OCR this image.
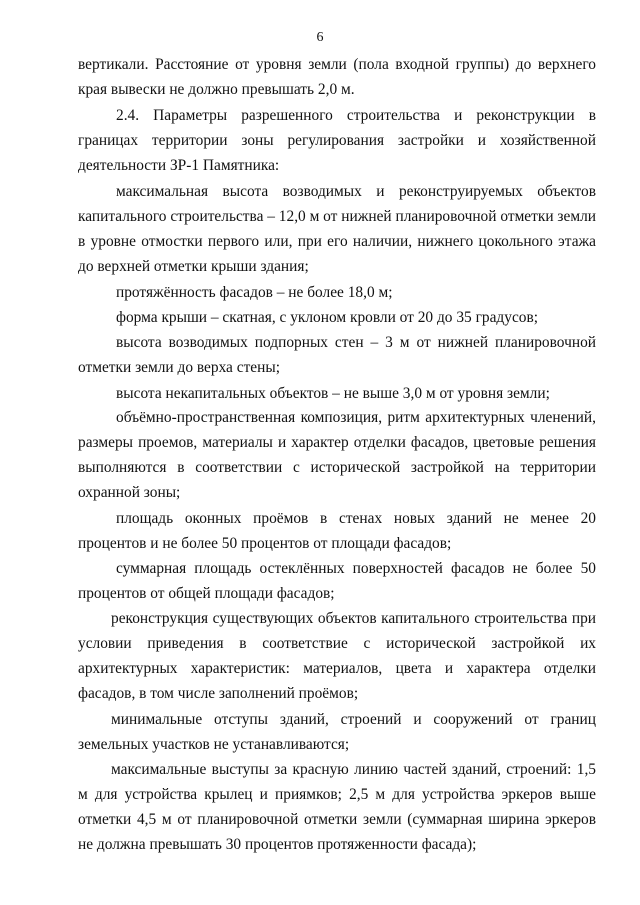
6

вертикали. Расстояние от уровня земли (пола входной группы) до верхнего края вывески не должно превышать 2,0 м.

2.4. Параметры разрешенного строительства и реконструкции в границах территории зоны регулирования застройки и хозяйственной деятельности ЗР-1 Памятника:

максимальная высота возводимых и реконструируемых объектов капитального строительства – 12,0 м от нижней планировочной отметки земли в уровне отмостки первого или, при его наличии, нижнего цокольного этажа до верхней отметки крыши здания;

протяжённость фасадов – не более 18,0 м;

форма крыши – скатная, с уклоном кровли от 20 до 35 градусов;

высота возводимых подпорных стен – 3 м от нижней планировочной отметки земли до верха стены;

высота некапитальных объектов – не выше 3,0 м от уровня земли;

объёмно-пространственная композиция, ритм архитектурных членений, размеры проемов, материалы и характер отделки фасадов, цветовые решения выполняются в соответствии с исторической застройкой на территории охранной зоны;

площадь оконных проёмов в стенах новых зданий не менее 20 процентов и не более 50 процентов от площади фасадов;

суммарная площадь остеклённых поверхностей фасадов не более 50 процентов от общей площади фасадов;

реконструкция существующих объектов капитального строительства при условии приведения в соответствие с исторической застройкой их архитектурных характеристик: материалов, цвета и характера отделки фасадов, в том числе заполнений проёмов;

минимальные отступы зданий, строений и сооружений от границ земельных участков не устанавливаются;

максимальные выступы за красную линию частей зданий, строений: 1,5 м для устройства крылец и приямков; 2,5 м для устройства эркеров выше отметки 4,5 м от планировочной отметки земли (суммарная ширина эркеров не должна превышать 30 процентов протяженности фасада);
